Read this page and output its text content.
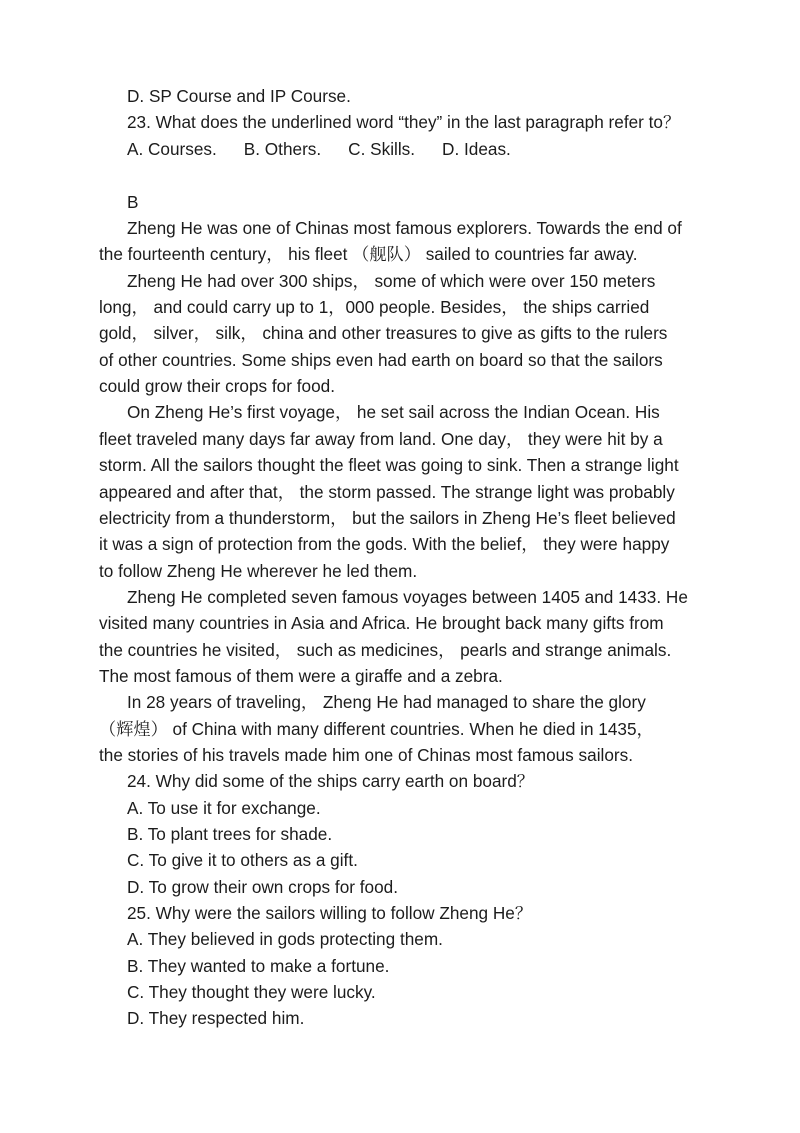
D. SP Course and IP Course.
23. What does the underlined word “they” in the last paragraph refer to？
A. Courses. B. Others. C. Skills. D. Ideas.
B
Zheng He was one of Chinas most famous explorers. Towards the end of
the fourteenth century， his fleet （舰队） sailed to countries far away.
Zheng He had over 300 ships， some of which were over 150 meters
long， and could carry up to 1，000 people. Besides， the ships carried
gold， silver， silk， china and other treasures to give as gifts to the rulers
of other countries. Some ships even had earth on board so that the sailors
could grow their crops for food.
On Zheng He’s first voyage， he set sail across the Indian Ocean. His
fleet traveled many days far away from land. One day， they were hit by a
storm. All the sailors thought the fleet was going to sink. Then a strange light
appeared and after that， the storm passed. The strange light was probably
electricity from a thunderstorm， but the sailors in Zheng He’s fleet believed
it was a sign of protection from the gods. With the belief， they were happy
to follow Zheng He wherever he led them.
Zheng He completed seven famous voyages between 1405 and 1433. He
visited many countries in Asia and Africa. He brought back many gifts from
the countries he visited， such as medicines， pearls and strange animals.
The most famous of them were a giraffe and a zebra.
In 28 years of traveling， Zheng He had managed to share the glory
（辉煌） of China with many different countries. When he died in 1435，
the stories of his travels made him one of Chinas most famous sailors.
24. Why did some of the ships carry earth on board？
A. To use it for exchange.
B. To plant trees for shade.
C. To give it to others as a gift.
D. To grow their own crops for food.
25. Why were the sailors willing to follow Zheng He？
A. They believed in gods protecting them.
B. They wanted to make a fortune.
C. They thought they were lucky.
D. They respected him.
